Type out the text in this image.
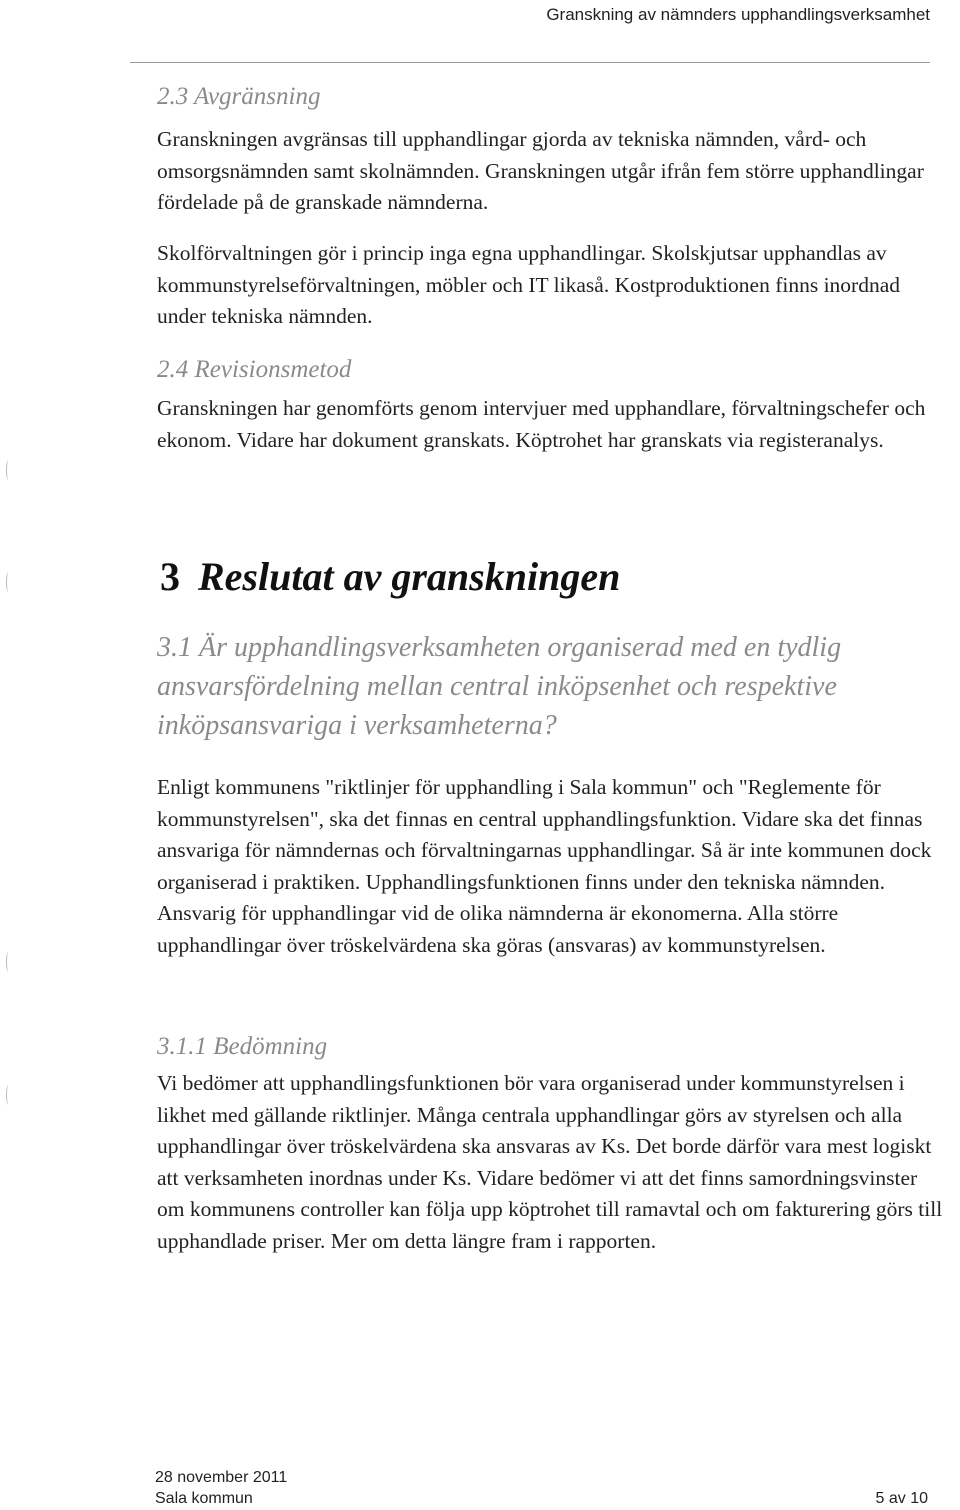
Granskning av nämnders upphandlingsverksamhet
2.3 Avgränsning

Granskningen avgränsas till upphandlingar gjorda av tekniska nämnden, vård- och omsorgsnämnden samt skolnämnden. Granskningen utgår ifrån fem större upphandlingar fördelade på de granskade nämnderna.

Skolförvaltningen gör i princip inga egna upphandlingar. Skolskjutsar upphandlas av kommunstyrelseförvaltningen, möbler och IT likaså. Kostproduktionen finns inordnad under tekniska nämnden.

2.4 Revisionsmetod

Granskningen har genomförts genom intervjuer med upphandlare, förvaltningschefer och ekonom. Vidare har dokument granskats. Köptrohet har granskats via registeranalys.

3 Reslutat av granskningen
3.1 Är upphandlingsverksamheten organiserad med en tydlig ansvarsfördelning mellan central inköpsenhet och respektive inköpsansvariga i verksamheterna?

Enligt kommunens "riktlinjer för upphandling i Sala kommun" och "Reglemente för kommunstyrelsen", ska det finnas en central upphandlingsfunktion. Vidare ska det finnas ansvariga för nämndernas och förvaltningarnas upphandlingar. Så är inte kommunen dock organiserad i praktiken. Upphandlingsfunktionen finns under den tekniska nämnden. Ansvarig för upphandlingar vid de olika nämnderna är ekonomerna. Alla större upphandlingar över tröskelvärdena ska göras (ansvaras) av kommunstyrelsen.

3.1.1 Bedömning

Vi bedömer att upphandlingsfunktionen bör vara organiserad under kommunstyrelsen i likhet med gällande riktlinjer. Många centrala upphandlingar görs av styrelsen och alla upphandlingar över tröskelvärdena ska ansvaras av Ks. Det borde därför vara mest logiskt att verksamheten inordnas under Ks. Vidare bedömer vi att det finns samordningsvinster om kommunens controller kan följa upp köptrohet till ramavtal och om fakturering görs till upphandlade priser. Mer om detta längre fram i rapporten.

28 november 2011
Sala kommun	5 av 10
